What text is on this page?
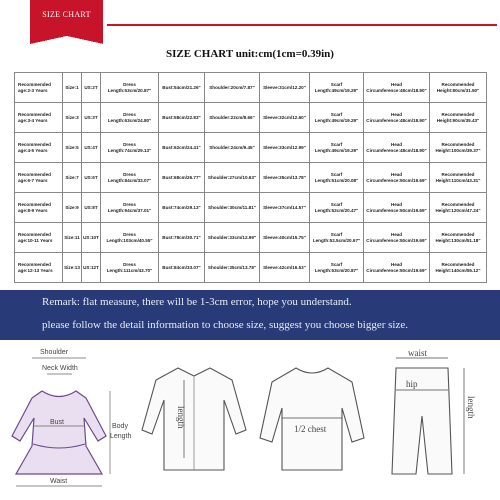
SIZE CHART
SIZE CHART unit:cm(1cm=0.39in)
Recommended age:2-3 Years	Size:1	US:2T	Dress Length:53cm/20.87"	Bust:54cm/21.26"	Shoulder:20cm/7.87"	Sleeve:31cm/12.20"	Scarf Length:49cm/19.29"	Head Circumference:48cm/18.90"	Recommended Height:80cm/31.50"
Recommended age:3-4 Years	Size:3	US:3T	Dress Length:63cm/24.80"	Bust:58cm/22.83"	Shoulder:22cm/8.66"	Sleeve:32cm/12.60"	Scarf Length:49cm/19.29"	Head Circumference:48cm/18.90"	Recommended Height:90cm/35.43"
Recommended age:4-5 Years	Size:5	US:4T	Dress Length:74cm/29.13"	Bust:62cm/24.41"	Shoulder:24cm/9.45"	Sleeve:33cm/12.99"	Scarf Length:49cm/19.29"	Head Circumference:48cm/18.90"	Recommended Height:100cm/39.37"
Recommended age:6-7 Years	Size:7	US:6T	Dress Length:84cm/33.07"	Bust:68cm/26.77"	Shoulder:27cm/10.63"	Sleeve:35cm/13.78"	Scarf Length:51cm/20.08"	Head Circumference:50cm/19.69"	Recommended Height:110cm/43.31"
Recommended age:8-9 Years	Size:9	US:8T	Dress Length:94cm/37.01"	Bust:74cm/29.13"	Shoulder:30cm/11.81"	Sleeve:37cm/14.57"	Scarf Length:52cm/20.47"	Head Circumference:50cm/19.69"	Recommended Height:120cm/47.24"
Recommended age:10-11 Years	Size:11	US:10T	Dress Length:103cm/40.55"	Bust:78cm/30.71"	Shoulder:33cm/12.99"	Sleeve:40cm/15.75"	Scarf Length:52.5cm/20.67"	Head Circumference:50cm/19.69"	Recommended Height:130cm/51.18"
Recommended age:12-13 Years	Size:13	US:12T	Dress Length:111cm/43.70"	Bust:84cm/33.07"	Shoulder:35cm/13.78"	Sleeve:42cm/16.53"	Scarf Length:53cm/20.87"	Head Circumference:50cm/19.69"	Recommended Height:140cm/55.12"
Remark: flat measure, there will be 1-3cm error, hope you understand.
please follow the detail information to choose size, suggest you choose bigger size.
Shoulder
Neck Width
Bust
Body
Length
Waist
length
1/2 chest
waist
hip
length
